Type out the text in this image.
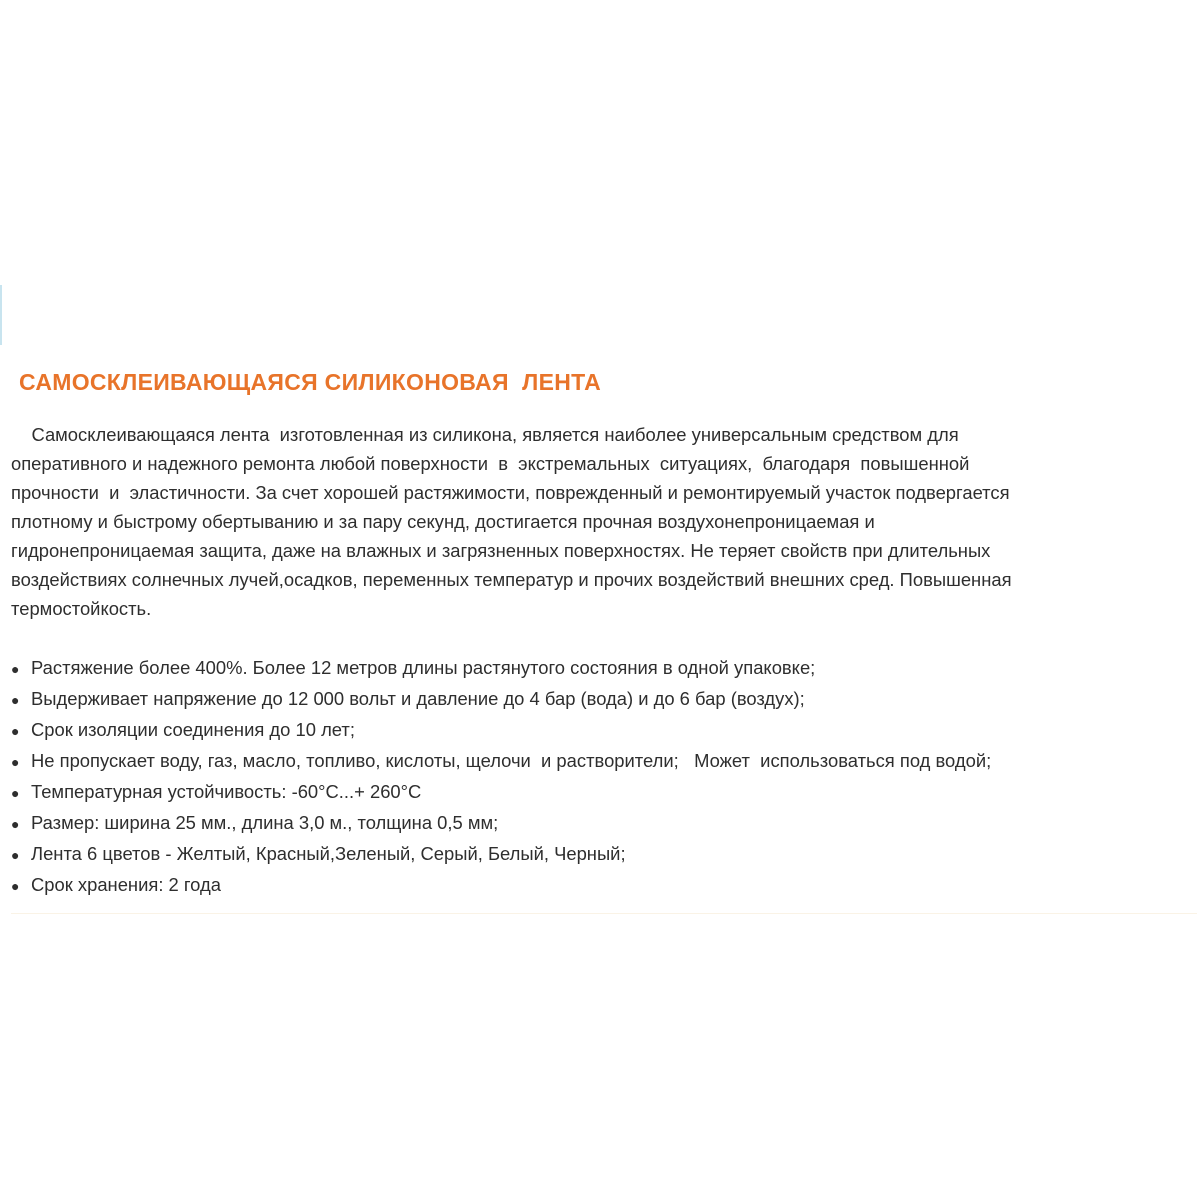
САМОСКЛЕИВАЮЩАЯСЯ СИЛИКОНОВАЯ  ЛЕНТА

Самосклеивающаяся лента  изготовленная из силикона, является наиболее универсальным средством для
оперативного и надежного ремонта любой поверхности  в  экстремальных  ситуациях,  благодаря  повышенной
прочности  и  эластичности. За счет хорошей растяжимости, поврежденный и ремонтируемый участок подвергается
плотному и быстрому обертыванию и за пару секунд, достигается прочная воздухонепроницаемая и
гидронепроницаемая защита, даже на влажных и загрязненных поверхностях. Не теряет свойств при длительных
воздействиях солнечных лучей,осадков, переменных температур и прочих воздействий внешних сред. Повышенная
термостойкость.

● Растяжение более 400%. Более 12 метров длины растянутого состояния в одной упаковке;
● Выдерживает напряжение до 12 000 вольт и давление до 4 бар (вода) и до 6 бар (воздух);
● Срок изоляции соединения до 10 лет;
● Не пропускает воду, газ, масло, топливо, кислоты, щелочи  и растворители;   Может  использоваться под водой;
● Температурная устойчивость: -60°С...+ 260°С
● Размер: ширина 25 мм., длина 3,0 м., толщина 0,5 мм;
● Лента 6 цветов - Желтый, Красный,Зеленый, Серый, Белый, Черный;
● Срок хранения: 2 года
